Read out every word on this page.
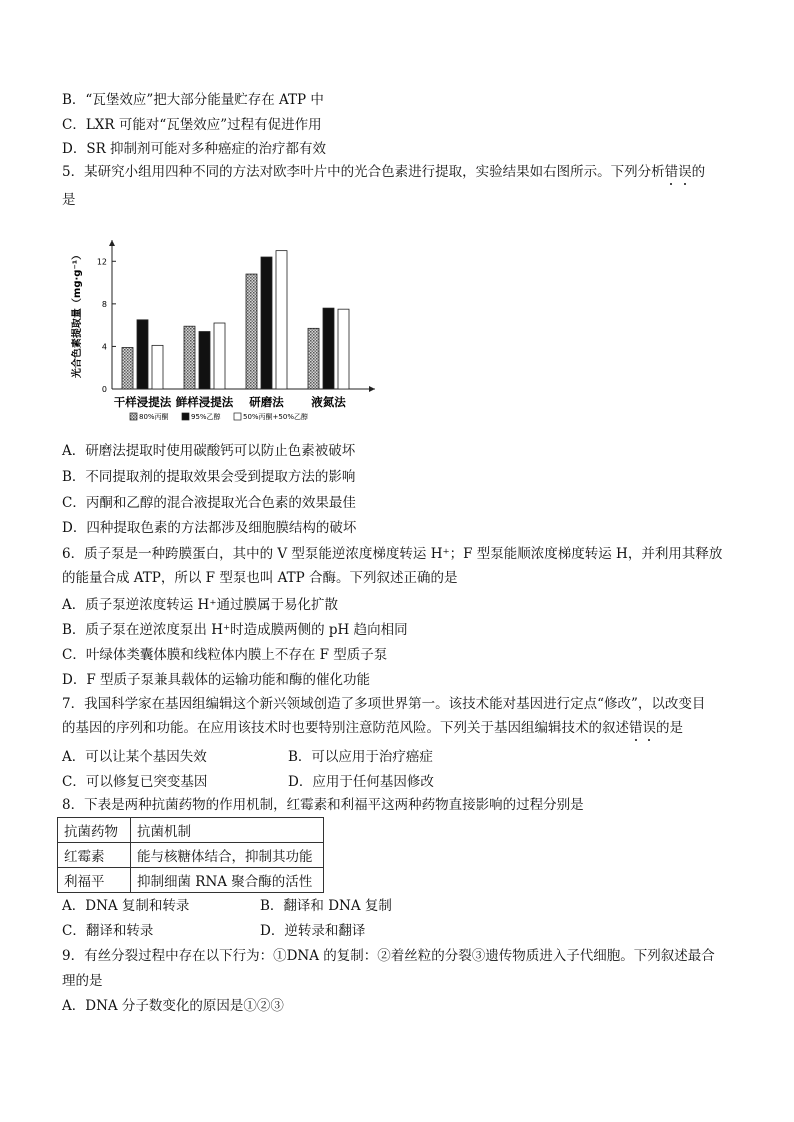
B．“瓦堡效应”把大部分能量贮存在 ATP 中
C．LXR 可能对“瓦堡效应”过程有促进作用
D．SR 抑制剂可能对多种癌症的治疗都有效
5．某研究小组用四种不同的方法对欧李叶片中的光合色素进行提取，实验结果如右图所示。下列分析错误的
是
0
4
8
12
光合色素提取量（mg·g⁻¹）
干样浸提法 鲜样浸提法 研磨法 液氮法
80%丙酮	95%乙醇	50%丙酮+50%乙醇
A．研磨法提取时使用碳酸钙可以防止色素被破坏
B．不同提取剂的提取效果会受到提取方法的影响
C．丙酮和乙醇的混合液提取光合色素的效果最佳
D．四种提取色素的方法都涉及细胞膜结构的破坏
6．质子泵是一种跨膜蛋白，其中的 V 型泵能逆浓度梯度转运 H⁺；F 型泵能顺浓度梯度转运 H，并利用其释放
的能量合成 ATP，所以 F 型泵也叫 ATP 合酶。下列叙述正确的是
A．质子泵逆浓度转运 H⁺通过膜属于易化扩散
B．质子泵在逆浓度泵出 H⁺时造成膜两侧的 pH 趋向相同
C．叶绿体类囊体膜和线粒体内膜上不存在 F 型质子泵
D．F 型质子泵兼具载体的运输功能和酶的催化功能
7．我国科学家在基因组编辑这个新兴领域创造了多项世界第一。该技术能对基因进行定点“修改”，以改变目
的基因的序列和功能。在应用该技术时也要特别注意防范风险。下列关于基因组编辑技术的叙述错误的是
A．可以让某个基因失效	B．可以应用于治疗癌症
C．可以修复已突变基因	D．应用于任何基因修改
8．下表是两种抗菌药物的作用机制，红霉素和利福平这两种药物直接影响的过程分别是
抗菌药物	抗菌机制
红霉素	能与核糖体结合，抑制其功能
利福平	抑制细菌 RNA 聚合酶的活性
A．DNA 复制和转录	B．翻译和 DNA 复制
C．翻译和转录	D．逆转录和翻译
9．有丝分裂过程中存在以下行为：①DNA 的复制：②着丝粒的分裂③遗传物质进入子代细胞。下列叙述最合
理的是
A．DNA 分子数变化的原因是①②③
